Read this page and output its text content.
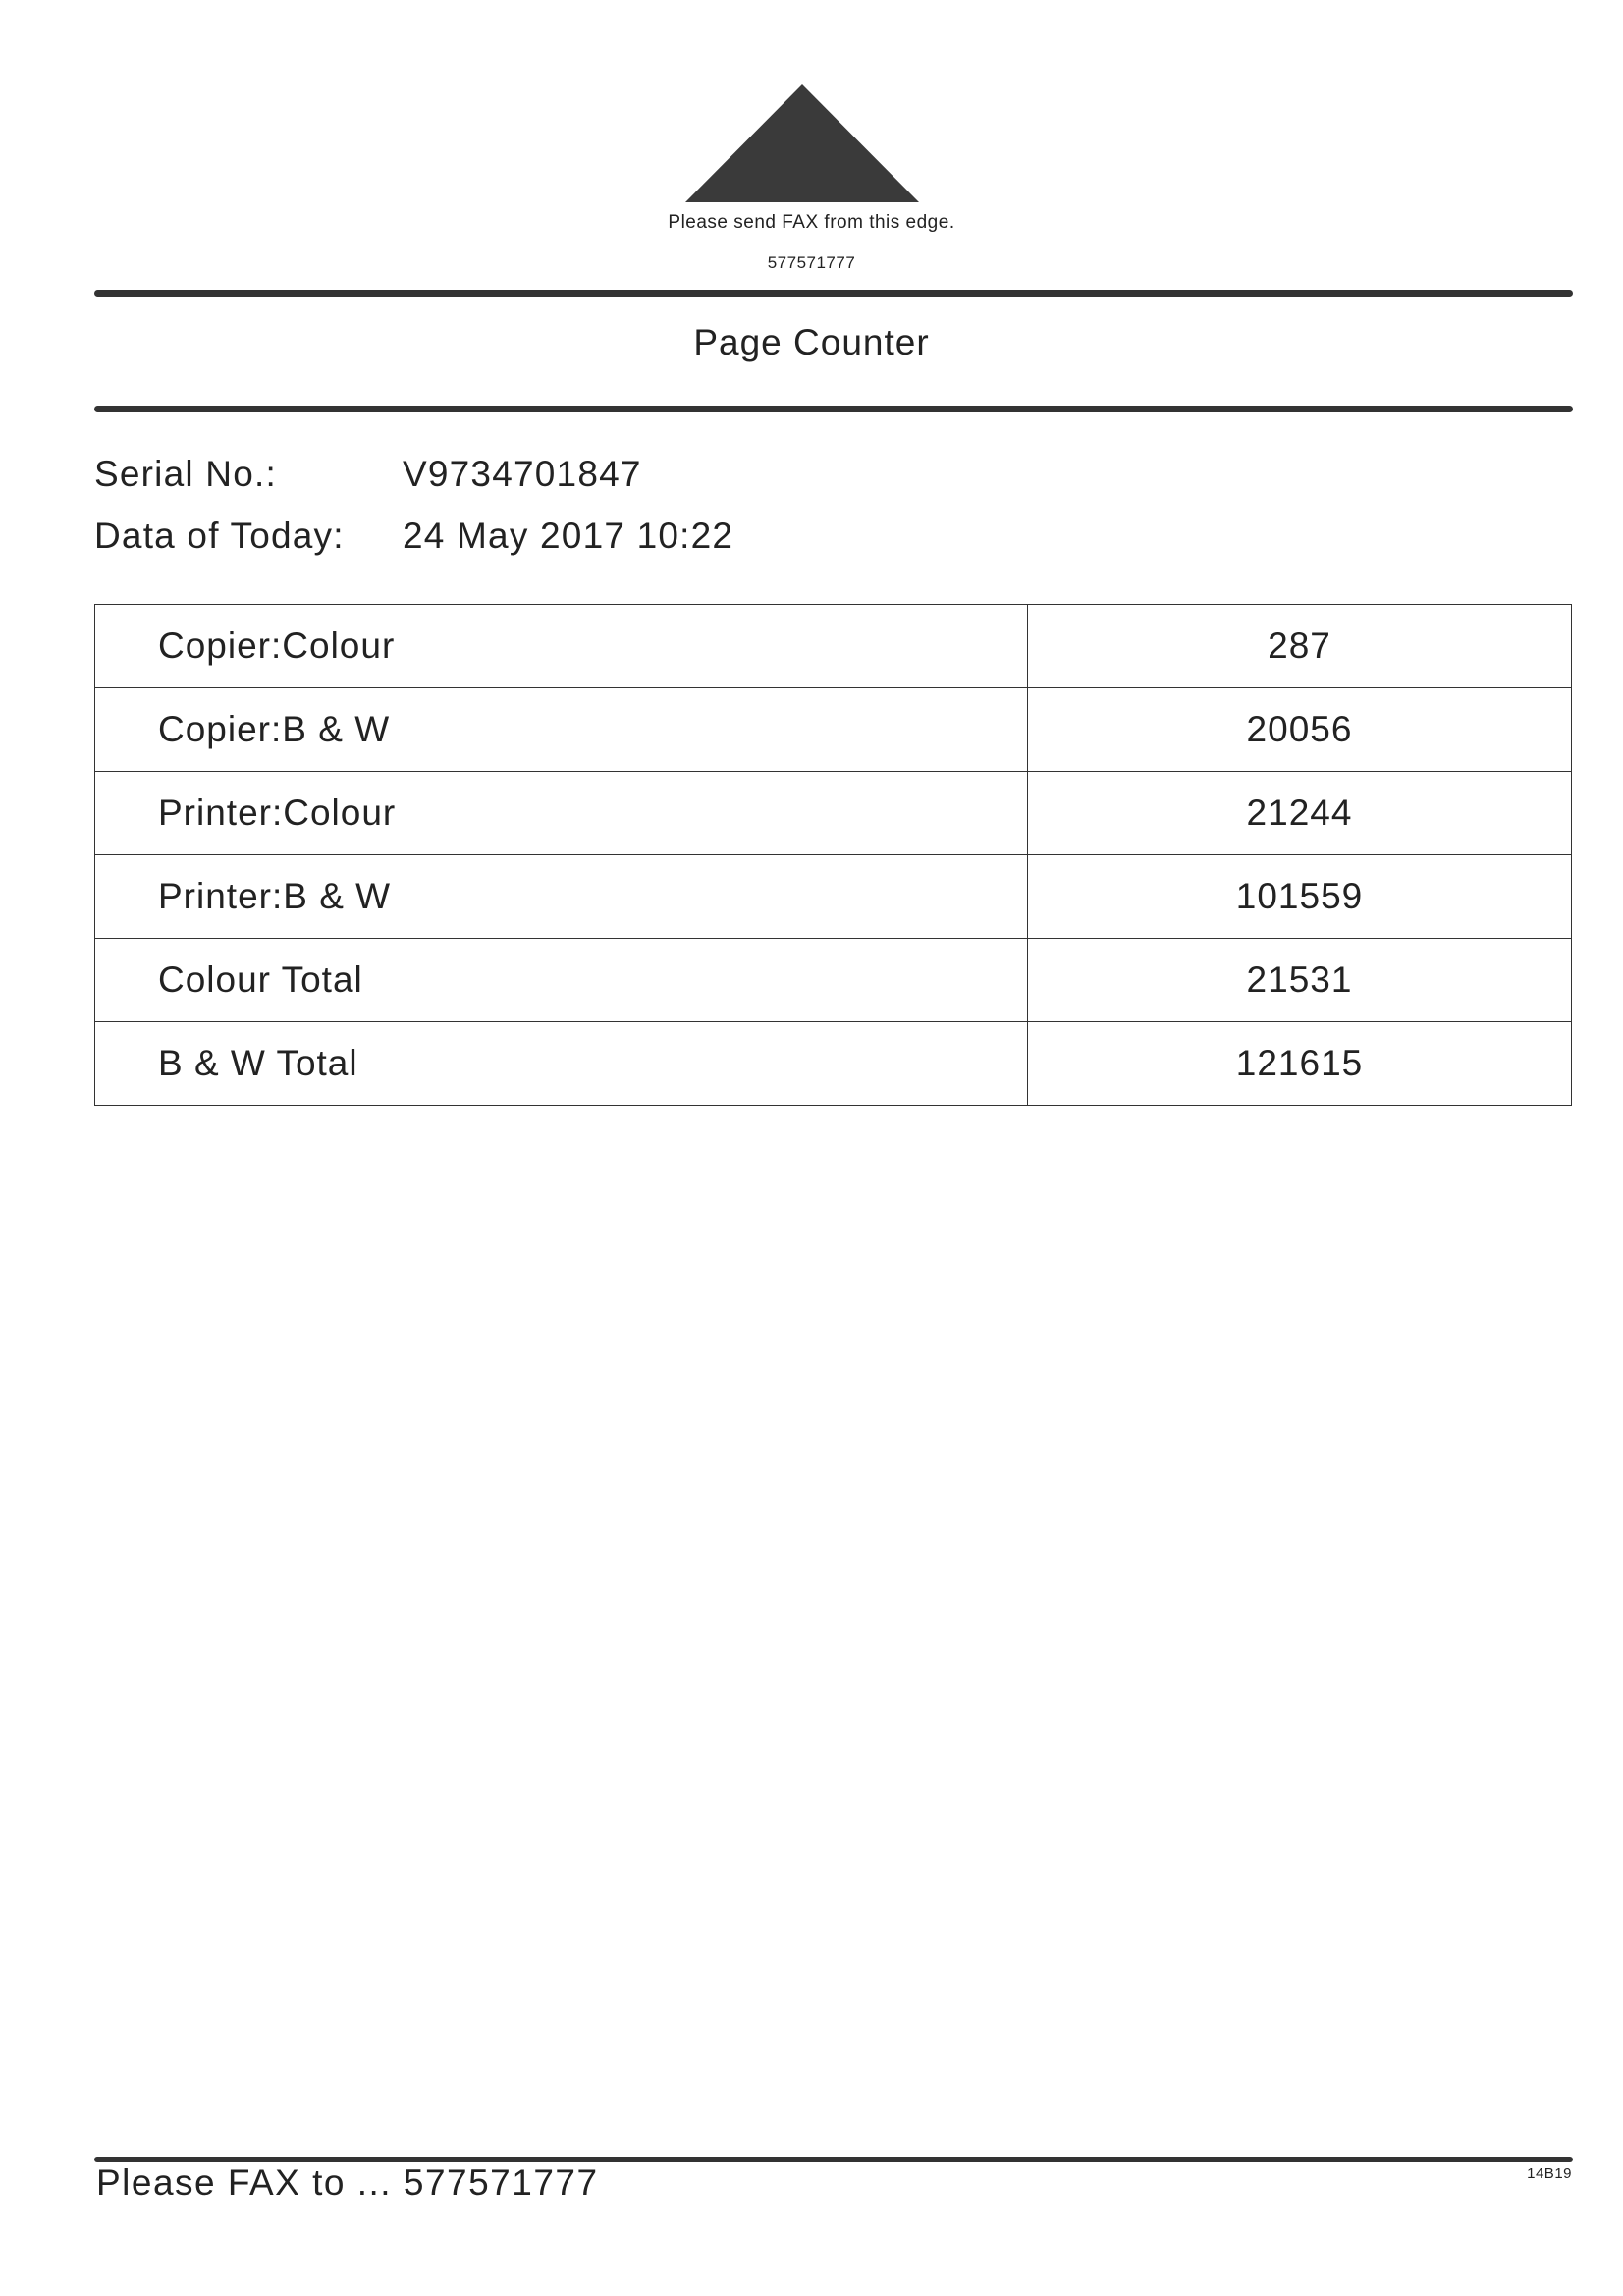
Please send FAX from this edge.
577571777
Page Counter
Serial No.:	V9734701847
Data of Today: 24 May 2017 10:22
Copier:Colour	287
Copier:B & W	20056
Printer:Colour	21244
Printer:B & W	101559
Colour Total	21531
B & W Total	121615
Please FAX to ... 577571777	14B19
